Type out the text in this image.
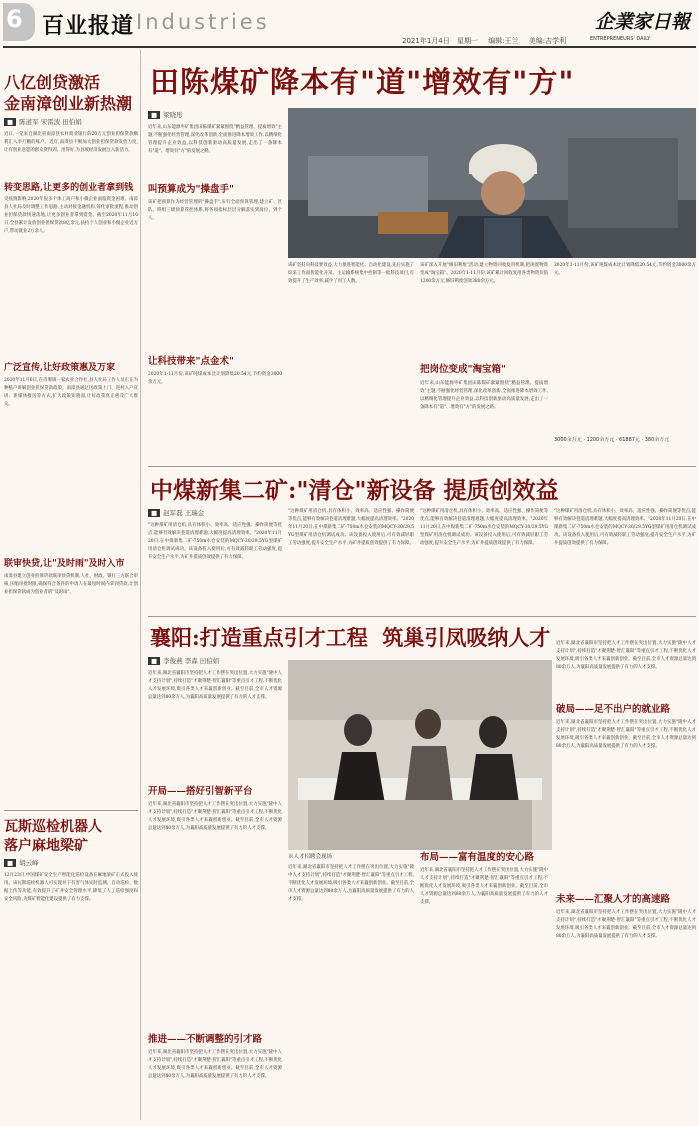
6 百业报道 Industries
2021年1月4日 星期一 编辑:王兰 美编:吉学利
企業家日報
ENTREPRENEURS' DAILY
八亿创贷激活
金南漳创业新热潮
■ 陈道军 宋雷波 田伯娟
近日,一笔来自湖北省南漳县农村商业银行的20万元创业担保贷款顺利汇入李万鹏的账户。近年,南漳县不断加大创业担保贷款发放力度,让有创业意愿的群众贷得到、用得好,为县域经济发展注入新活力。
转变思路,让更多的创业者拿到钱
受疫情影响,2020年很多个体工商户和小微企业面临资金困难。南漳县人社局及时调整工作思路,主动对接金融机构,简化审批流程,推动创业担保贷款快速落地,让更多创业者拿到资金。截至2020年11月10日,全县累计发放创业担保贷款8亿余元,扶持个人创业和小微企业近万户,带动就业2万余人。
广泛宣传,让好政策惠及万家
2020年11月6日,在肖堰镇一家农业合作社,县人社局工作人员正在为种植户讲解创业担保贷款政策。南漳县通过送政策上门、进村入户宣讲、新媒体推送等方式,扩大政策知晓面,让好政策真正惠及广大群众。
联审快贷,让"及时雨"及时入市
南漳县建立创业担保贷款联审快贷机制,人社、财政、银行三方联合审核,压缩审批时限,确保符合条件的申请人在最短时间内拿到贷款,让创业担保贷款成为创业者的"及时雨"。
瓦斯巡检机器人
落户麻地梁矿
■ 胡云峰
12月23日,中国煤矿安全生产智能化巡检设备在麻地梁矿正式投入使用。该瓦斯巡检机器人可实现井下有害气体实时监测、自动巡检、数据上传等功能,有效提升了矿井安全管理水平,降低了人工巡检强度和安全风险,为煤矿智能化建设提供了有力支撑。
田陈煤矿降本有"道"增效有"方"
■ 梁晓彤
近年来,山东能源枣矿集团田陈煤矿紧紧围绕"精益管理、提质增效"主题,不断强化经营管理,深化改革创新,全面推进降本增效工作,以精细化管理提升企业效益,以科技创新驱动高质量发展,走出了一条降本有"道"、增效有"方"的发展之路。
叫预算成为"操盘手"
该矿把预算作为经营管理的"操盘手",实行全面预算管理,建立矿、区队、班组三级预算管控体系,将各项指标层层分解落实到岗位、到个人。
让科技带来"点金术"
2020年1-11月份,该矿吨煤成本比计划降低20.54元,节约资金3000余万元。
该矿坚持向科技要效益,大力推进智能化、自动化建设,先后实施了综采工作面智能化开采、主运输系统集中控制等一批科技项目,有效提升了生产效率,减少了用工人数。
该矿深入开展"修旧利废"活动,建立物资回收复用机制,把闲置物资变成"淘宝箱"。2020年1-11月份,该矿累计回收复用各类物资价值1200余万元,修旧利废创效380余万元。
把岗位变成"淘宝箱"
近年来,山东能源枣矿集团田陈煤矿紧紧围绕"精益管理、提质增效"主题,不断强化经营管理,深化改革创新,全面推进降本增效工作,以精细化管理提升企业效益,以科技创新驱动高质量发展,走出了一条降本有"道"、增效有"方"的发展之路。
2020年1-11月份,该矿吨煤成本比计划降低20.54元,节约资金3000余万元。
3000余万元 · 1200余万元 · 61887元 · 380余万元
中煤新集二矿:"清仓"新设备 提质创效益
■ 赵军磊 王瑞金
"这种煤矿用清仓机,具有体积小、效率高、适应性强、操作简便等优点,能够有效解决巷道清理难题,大幅度提高清理效率。"2020年11月20日,在中煤新集二矿-750m水仓安装的MQCY-30/29.5YG型煤矿用清仓机调试成功。该设备投入使用后,可有效减轻职工劳动强度,提升安全生产水平,为矿井提质创效提供了有力保障。
"这种煤矿用清仓机,具有体积小、效率高、适应性强、操作简便等优点,能够有效解决巷道清理难题,大幅度提高清理效率。"2020年11月20日,在中煤新集二矿-750m水仓安装的MQCY-30/29.5YG型煤矿用清仓机调试成功。该设备投入使用后,可有效减轻职工劳动强度,提升安全生产水平,为矿井提质创效提供了有力保障。
"这种煤矿用清仓机,具有体积小、效率高、适应性强、操作简便等优点,能够有效解决巷道清理难题,大幅度提高清理效率。"2020年11月20日,在中煤新集二矿-750m水仓安装的MQCY-30/29.5YG型煤矿用清仓机调试成功。该设备投入使用后,可有效减轻职工劳动强度,提升安全生产水平,为矿井提质创效提供了有力保障。
"这种煤矿用清仓机,具有体积小、效率高、适应性强、操作简便等优点,能够有效解决巷道清理难题,大幅度提高清理效率。"2020年11月20日,在中煤新集二矿-750m水仓安装的MQCY-30/29.5YG型煤矿用清仓机调试成功。该设备投入使用后,可有效减轻职工劳动强度,提升安全生产水平,为矿井提质创效提供了有力保障。
襄阳:打造重点引才工程  筑巢引凤吸纳人才
■ 李俊燕 李森 田伯娟
近年来,湖北省襄阳市坚持把人才工作摆在突出位置,大力实施"隆中人才支持计划",持续打造"才聚荆楚·智汇襄阳"等重点引才工程,不断优化人才发展环境,吸引各类人才来襄创新创业。截至目前,全市人才资源总量达到80余万人,为襄阳高质量发展提供了有力的人才支撑。
开局——搭好引智新平台
近年来,湖北省襄阳市坚持把人才工作摆在突出位置,大力实施"隆中人才支持计划",持续打造"才聚荆楚·智汇襄阳"等重点引才工程,不断优化人才发展环境,吸引各类人才来襄创新创业。截至目前,全市人才资源总量达到80余万人,为襄阳高质量发展提供了有力的人才支撑。
推进——不断调整的引才路
近年来,湖北省襄阳市坚持把人才工作摆在突出位置,大力实施"隆中人才支持计划",持续打造"才聚荆楚·智汇襄阳"等重点引才工程,不断优化人才发展环境,吸引各类人才来襄创新创业。截至目前,全市人才资源总量达到80余万人,为襄阳高质量发展提供了有力的人才支撑。
※人才招聘会现场
近年来,湖北省襄阳市坚持把人才工作摆在突出位置,大力实施"隆中人才支持计划",持续打造"才聚荆楚·智汇襄阳"等重点引才工程,不断优化人才发展环境,吸引各类人才来襄创新创业。截至目前,全市人才资源总量达到80余万人,为襄阳高质量发展提供了有力的人才支撑。
布局——富有温度的安心路
近年来,湖北省襄阳市坚持把人才工作摆在突出位置,大力实施"隆中人才支持计划",持续打造"才聚荆楚·智汇襄阳"等重点引才工程,不断优化人才发展环境,吸引各类人才来襄创新创业。截至目前,全市人才资源总量达到80余万人,为襄阳高质量发展提供了有力的人才支撑。
近年来,湖北省襄阳市坚持把人才工作摆在突出位置,大力实施"隆中人才支持计划",持续打造"才聚荆楚·智汇襄阳"等重点引才工程,不断优化人才发展环境,吸引各类人才来襄创新创业。截至目前,全市人才资源总量达到80余万人,为襄阳高质量发展提供了有力的人才支撑。
破局——足不出户的就业路
近年来,湖北省襄阳市坚持把人才工作摆在突出位置,大力实施"隆中人才支持计划",持续打造"才聚荆楚·智汇襄阳"等重点引才工程,不断优化人才发展环境,吸引各类人才来襄创新创业。截至目前,全市人才资源总量达到80余万人,为襄阳高质量发展提供了有力的人才支撑。
未来——汇聚人才的高速路
近年来,湖北省襄阳市坚持把人才工作摆在突出位置,大力实施"隆中人才支持计划",持续打造"才聚荆楚·智汇襄阳"等重点引才工程,不断优化人才发展环境,吸引各类人才来襄创新创业。截至目前,全市人才资源总量达到80余万人,为襄阳高质量发展提供了有力的人才支撑。
